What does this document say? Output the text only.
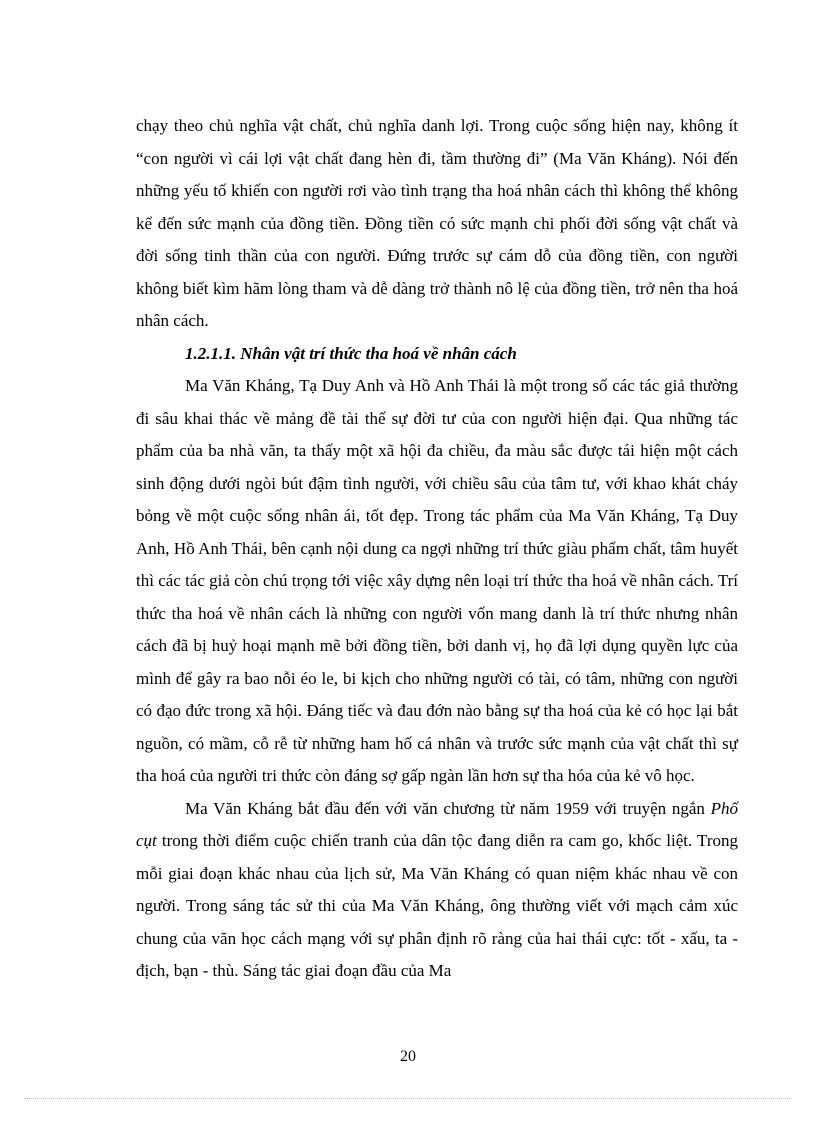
chạy theo chủ nghĩa vật chất, chủ nghĩa danh lợi. Trong cuộc sống hiện nay, không ít “con người vì cái lợi vật chất đang hèn đi, tầm thường đi” (Ma Văn Kháng). Nói đến những yếu tố khiến con người rơi vào tình trạng tha hoá nhân cách thì không thể không kể đến sức mạnh của đồng tiền. Đồng tiền có sức mạnh chi phối đời sống vật chất và đời sống tinh thần của con người. Đứng trước sự cám dỗ của đồng tiền, con người không biết kìm hãm lòng tham và dễ dàng trở thành nô lệ của đồng tiền, trở nên tha hoá nhân cách.

1.2.1.1. Nhân vật trí thức tha hoá về nhân cách

Ma Văn Kháng, Tạ Duy Anh và Hồ Anh Thái là một trong số các tác giả thường đi sâu khai thác về mảng đề tài thế sự đời tư của con người hiện đại. Qua những tác phẩm của ba nhà văn, ta thấy một xã hội đa chiều, đa màu sắc được tái hiện một cách sinh động dưới ngòi bút đậm tình người, với chiều sâu của tâm tư, với khao khát cháy bỏng về một cuộc sống nhân ái, tốt đẹp. Trong tác phẩm của Ma Văn Kháng, Tạ Duy Anh, Hồ Anh Thái, bên cạnh nội dung ca ngợi những trí thức giàu phẩm chất, tâm huyết thì các tác giả còn chú trọng tới việc xây dựng nên loại trí thức tha hoá về nhân cách. Trí thức tha hoá về nhân cách là những con người vốn mang danh là trí thức nhưng nhân cách đã bị huỷ hoại mạnh mẽ bởi đồng tiền, bởi danh vị, họ đã lợi dụng quyền lực của mình để gây ra bao nỗi éo le, bi kịch cho những người có tài, có tâm, những con người có đạo đức trong xã hội. Đáng tiếc và đau đớn nào bằng sự tha hoá của kẻ có học lại bắt nguồn, có mầm, cỗ rễ từ những ham hố cá nhân và trước sức mạnh của vật chất thì sự tha hoá của người tri thức còn đáng sợ gấp ngàn lần hơn sự tha hóa của kẻ vô học.

Ma Văn Kháng bắt đầu đến với văn chương từ năm 1959 với truyện ngắn Phố cụt trong thời điểm cuộc chiến tranh của dân tộc đang diễn ra cam go, khốc liệt. Trong mỗi giai đoạn khác nhau của lịch sử, Ma Văn Kháng có quan niệm khác nhau về con người. Trong sáng tác sử thi của Ma Văn Kháng, ông thường viết với mạch cảm xúc chung của văn học cách mạng với sự phân định rõ ràng của hai thái cực: tốt - xấu, ta - địch, bạn - thù. Sáng tác giai đoạn đầu của Ma

20
